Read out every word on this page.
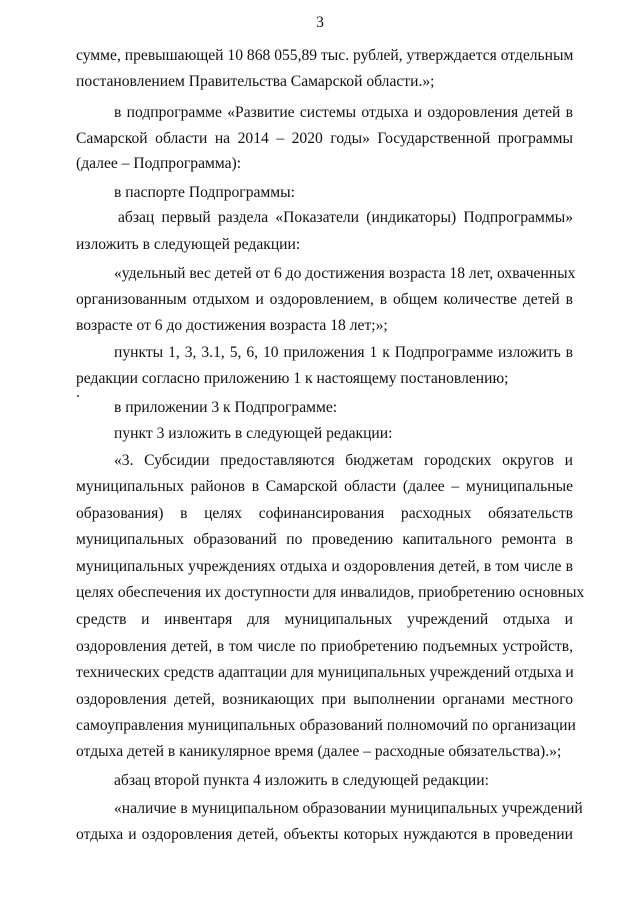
3
сумме, превышающей 10 868 055,89 тыс. рублей, утверждается отдельным
постановлением Правительства Самарской области.»;
в подпрограмме «Развитие системы отдыха и оздоровления детей в
Самарской области на 2014 – 2020 годы» Государственной программы
(далее – Подпрограмма):
в паспорте Подпрограммы:
абзац первый раздела «Показатели (индикаторы) Подпрограммы»
изложить в следующей редакции:
«удельный вес детей от 6 до достижения возраста 18 лет, охваченных
организованным отдыхом и оздоровлением, в общем количестве детей в
возрасте от 6 до достижения возраста 18 лет;»;
пункты 1, 3, 3.1, 5, 6, 10 приложения 1 к Подпрограмме изложить в
редакции согласно приложению 1 к настоящему постановлению;
в приложении 3 к Подпрограмме:
пункт 3 изложить в следующей редакции:
«3. Субсидии предоставляются бюджетам городских округов и
муниципальных районов в Самарской области (далее – муниципальные
образования) в целях софинансирования расходных обязательств
муниципальных образований по проведению капитального ремонта в
муниципальных учреждениях отдыха и оздоровления детей, в том числе в
целях обеспечения их доступности для инвалидов, приобретению основных
средств и инвентаря для муниципальных учреждений отдыха и
оздоровления детей, в том числе по приобретению подъемных устройств,
технических средств адаптации для муниципальных учреждений отдыха и
оздоровления детей, возникающих при выполнении органами местного
самоуправления муниципальных образований полномочий по организации
отдыха детей в каникулярное время (далее – расходные обязательства).»;
абзац второй пункта 4 изложить в следующей редакции:
«наличие в муниципальном образовании муниципальных учреждений
отдыха и оздоровления детей, объекты которых нуждаются в проведении
